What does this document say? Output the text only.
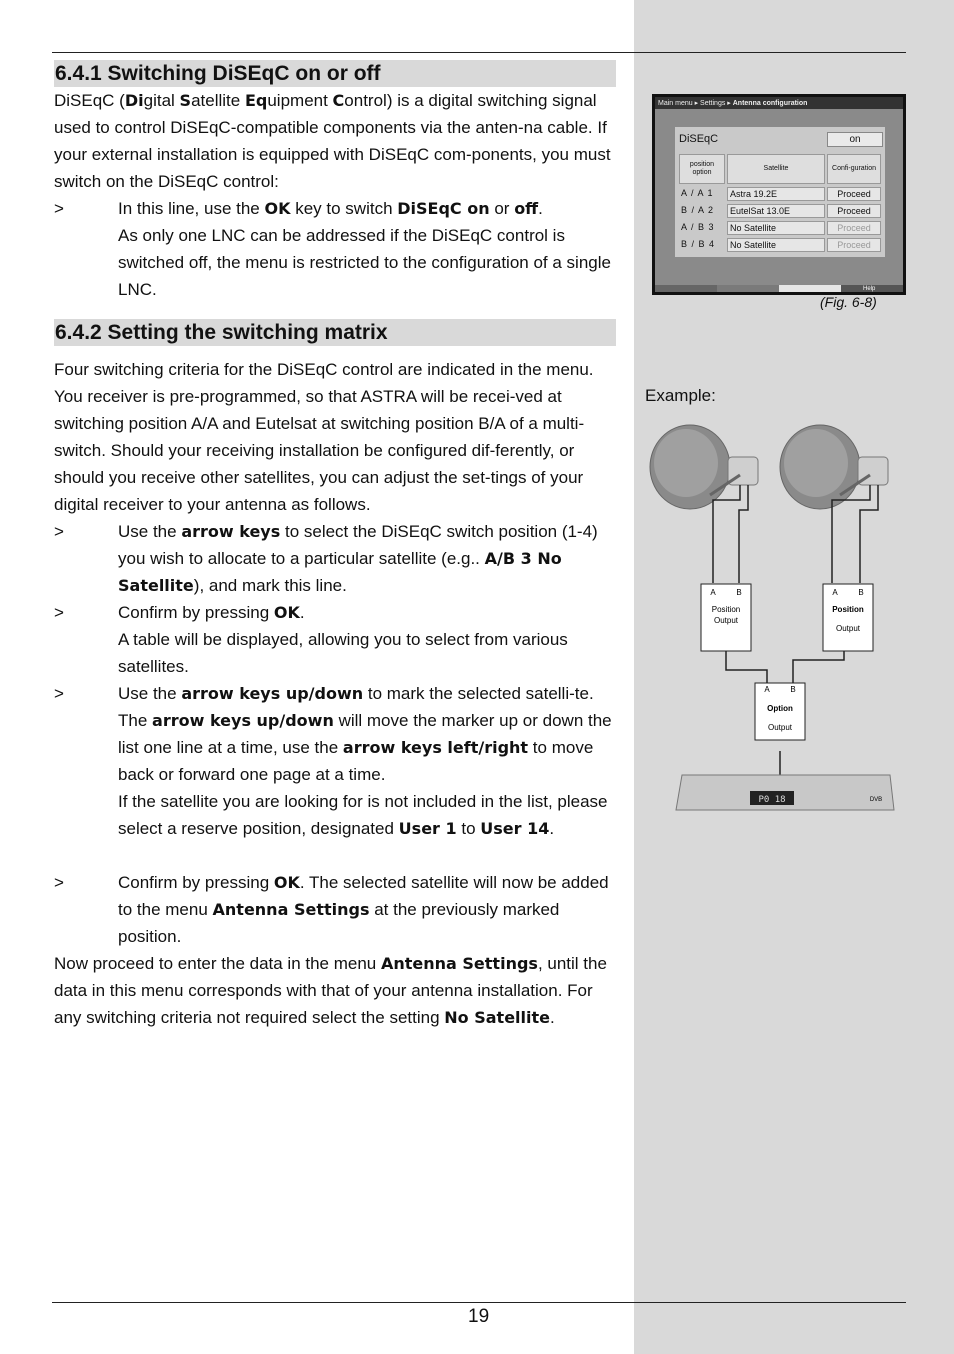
6.4.1 Switching DiSEqC on or off
DiSEqC (Digital Satellite Equipment Control) is a digital switching signal used to control DiSEqC-compatible components via the anten-na cable. If your external installation is equipped with DiSEqC com-ponents, you must switch on the DiSEqC control:
>	In this line, use the OK key to switch DiSEqC on or off.
As only one LNC can be addressed if the DiSEqC control is switched off, the menu is restricted to the configuration of a single LNC.
6.4.2 Setting the switching matrix
Four switching criteria for the DiSEqC control are indicated in the menu. You receiver is pre-programmed, so that ASTRA will be recei-ved at switching position A/A and Eutelsat at switching position B/A of a multi-switch. Should your receiving installation be configured dif-ferently, or should you receive other satellites, you can adjust the set-tings of your digital receiver to your antenna as follows.
>	Use the arrow keys to select the DiSEqC switch position (1-4) you wish to allocate to a particular satellite (e.g.. A/B 3 No Satellite), and mark this line.
>	Confirm by pressing OK.
A table will be displayed, allowing you to select from various satellites.
>	Use the arrow keys up/down to mark the selected satelli-te. The arrow keys up/down will move the marker up or down the list one line at a time, use the arrow keys left/right to move back or forward one page at a time.
If the satellite you are looking for is not included in the list, please select a reserve position, designated User 1 to User 14.
>	Confirm by pressing OK. The selected satellite will now be added to the menu Antenna Settings at the previously marked position.
Now proceed to enter the data in the menu Antenna Settings, until the data in this menu corresponds with that of your antenna installation. For any switching criteria not required select the setting No Satellite.
Main menu ▸ Settings ▸ Antenna configuration
DiSEqC	on
position option
Satellite	Confi-guration
A / A 1	Astra 19.2E	Proceed
B / A 2	EutelSat 13.0E	Proceed
A / B 3	No Satellite	Proceed
B / B 4	No Satellite	Proceed
Help
(Fig. 6-8)
Example:
A	B
Position
Output
A	B
Position
Output
A	B
Option
Output
P0 18	DVB
19
